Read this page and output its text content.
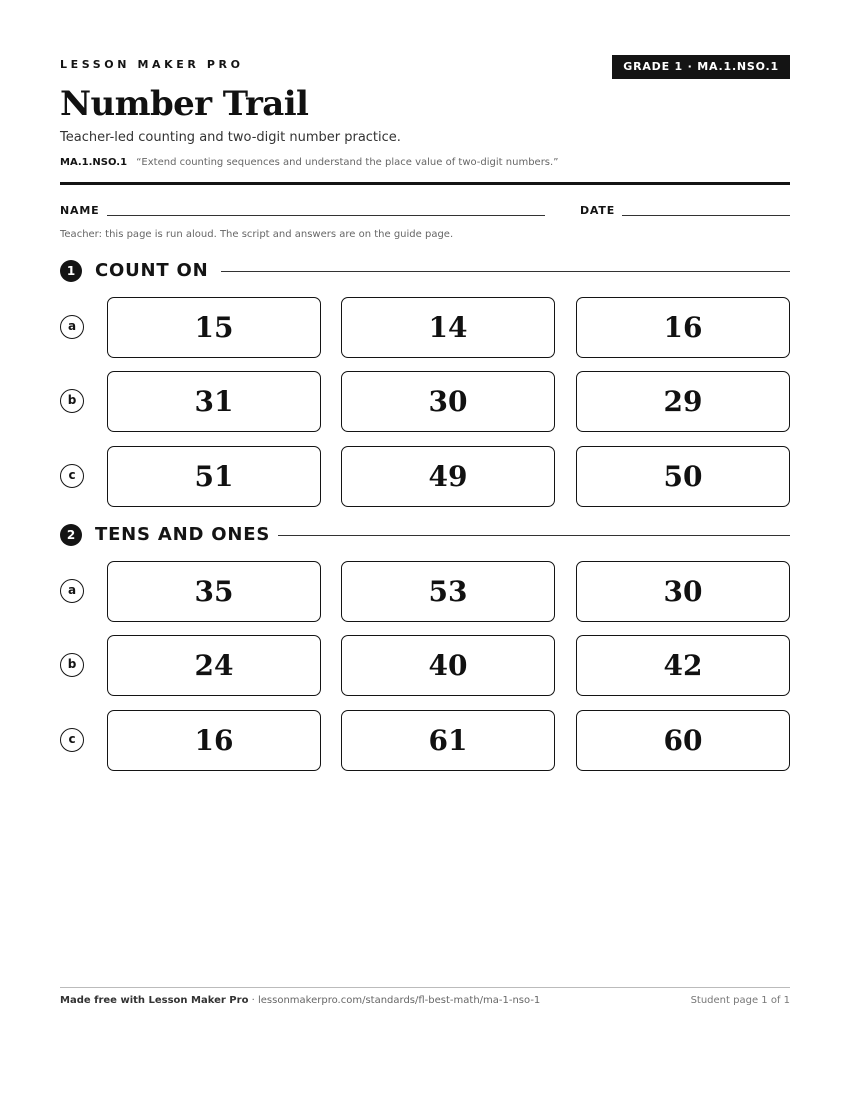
LESSON MAKER PRO	GRADE 1 · MA.1.NSO.1
Number Trail
Teacher-led counting and two-digit number practice.
MA.1.NSO.1 “Extend counting sequences and understand the place value of two-digit numbers.”
NAME	DATE
Teacher: this page is run aloud. The script and answers are on the guide page.
1	COUNT ON
a	15	14	16
b	31	30	29
c	51	49	50
2	TENS AND ONES
a	35	53	30
b	24	40	42
c	16	61	60
Made free with Lesson Maker Pro · lessonmakerpro.com/standards/fl-best-math/ma-1-nso-1	Student page 1 of 1
